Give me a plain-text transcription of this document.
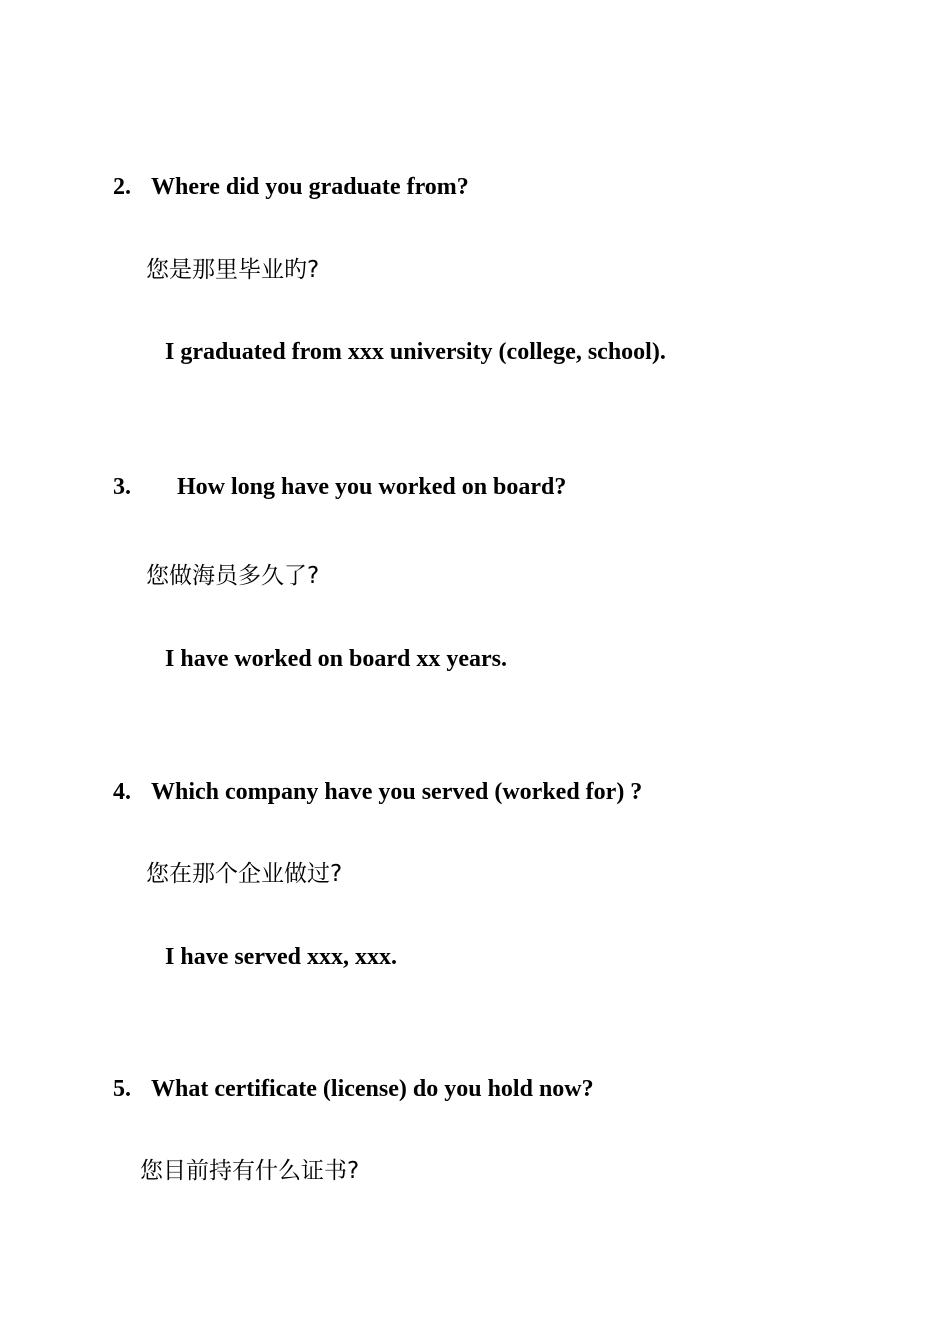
2. Where did you graduate from?
您是那里毕业旳?
I graduated from xxx university (college, school).
3. How long have you worked on board?
您做海员多久了?
I have worked on board xx years.
4. Which company have you served (worked for) ?
您在那个企业做过?
I have served xxx, xxx.
5. What certificate (license) do you hold now?
您目前持有什么证书?
